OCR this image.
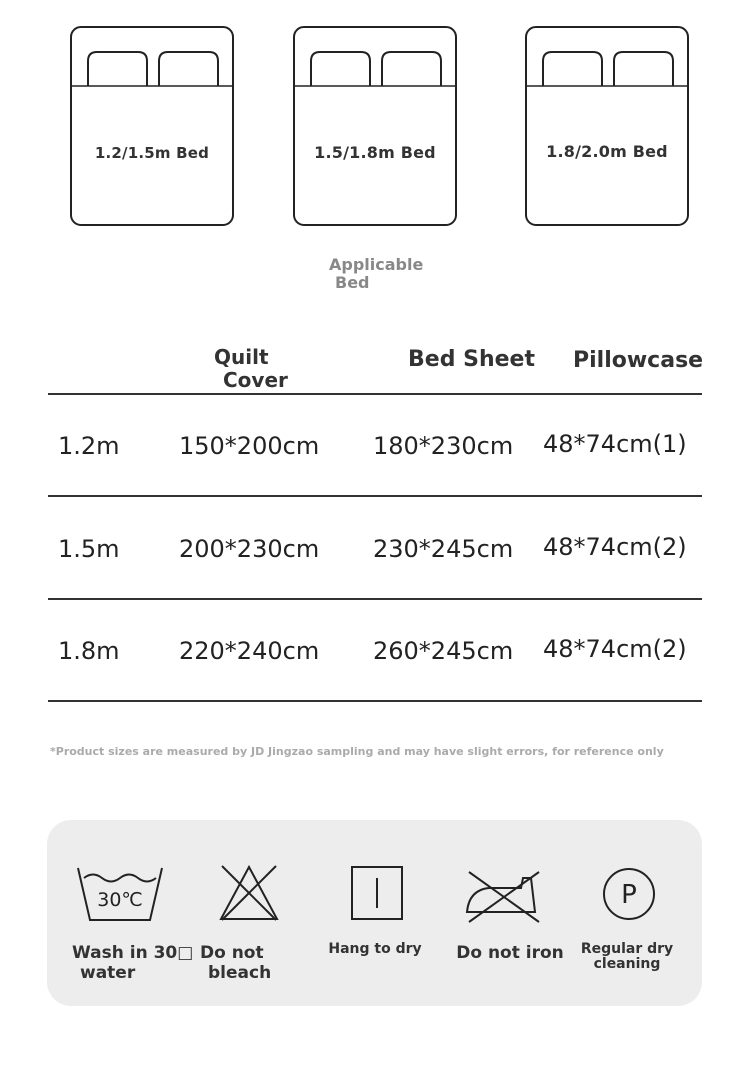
1.2/1.5m Bed	1.5/1.8m Bed	1.8/2.0m Bed
Applicable
Bed
Quilt
Cover
Bed Sheet Pillowcase
1.2m 150*200cm 180*230cm 48*74cm(1)
1.5m 200*230cm 230*245cm 48*74cm(2)
1.8m 220*240cm 260*245cm 48*74cm(2)
*Product sizes are measured by JD Jingzao sampling and may have slight errors, for reference only
30℃
Wash in 30□
water
Do not
bleach
Hang to dry	Do not iron
P
Regular dry
cleaning
